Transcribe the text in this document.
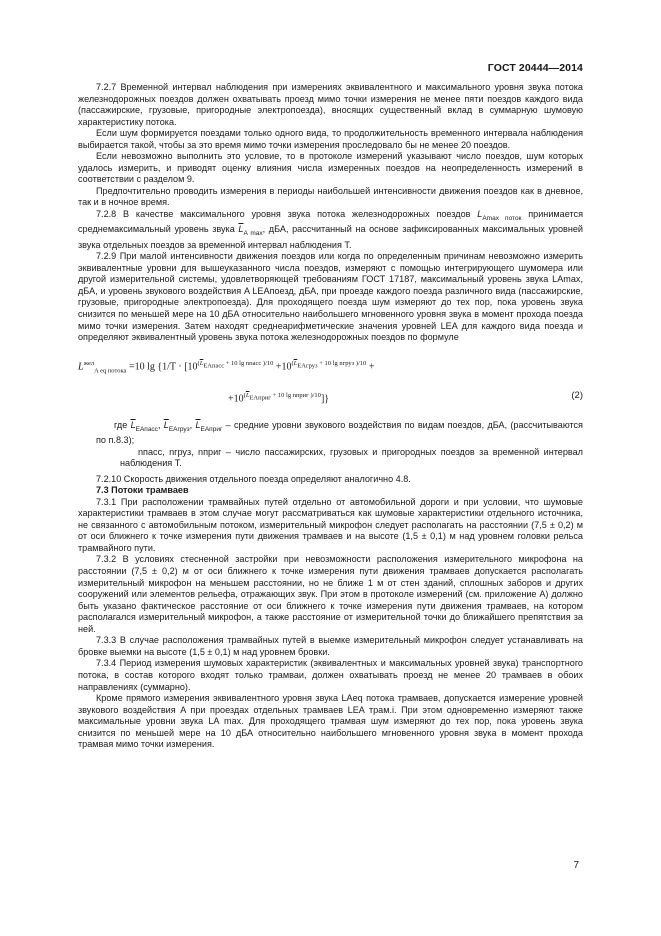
ГОСТ 20444—2014

7.2.7 Временной интервал наблюдения при измерениях эквивалентного и максимального уровня звука потока железнодорожных поездов должен охватывать проезд мимо точки измерения не менее пяти поездов каждого вида (пассажирские, грузовые, пригородные электропоезда), вносящих существенный вклад в суммарную шумовую характеристику потока.

Если шум формируется поездами только одного вида, то продолжительность временного интервала наблюдения выбирается такой, чтобы за это время мимо точки измерения проследовало бы не менее 20 поездов.

Если невозможно выполнить это условие, то в протоколе измерений указывают число поездов, шум которых удалось измерить, и приводят оценку влияния числа измеренных поездов на неопределенность измерений в соответствии с разделом 9.

Предпочтительно проводить измерения в периоды наибольшей интенсивности движения поездов как в дневное, так и в ночное время.

7.2.8 В качестве максимального уровня звука потока железнодорожных поездов $L_{Amax поток}$ принимается среднемаксимальный уровень звука $\overline{L}_{A max}$, дБА, рассчитанный на основе зафиксированных максимальных уровней звука отдельных поездов за временной интервал наблюдения T.

7.2.9 При малой интенсивности движения поездов или когда по определенным причинам невозможно измерить эквивалентные уровни для вышеуказанного числа поездов, измеряют с помощью интегрирующего шумомера или другой измерительной системы, удовлетворяющей требованиям ГОСТ 17187, максимальный уровень звука LAmax, дБА, и уровень звукового воздействия A LEAпоезд, дБА, при проезде каждого поезда различного вида (пассажирские, грузовые, пригородные электропоезда). Для проходящего поезда шум измеряют до тех пор, пока уровень звука снизится по меньшей мере на 10 дБА относительно наибольшего мгновенного уровня звука в момент прохода поезда мимо точки измерения. Затем находят среднеарифметические значения уровней LEA для каждого вида поезда и определяют эквивалентный уровень звука потока железнодорожных поездов по формуле

$L^{жел}_{A eq потока} =10$ $\lg \{1/T \cdot [10^{(\overline{L}_{EAпасс} + 10 lg nпасс )/10} +10^{(\overline{L}_{EAгруз} + 10 lg nгруз )/10}$ +
$+10^{(\overline{L}_{EAприг} + 10 lg nприг )/10}$]}	(2)

где $\overline{L}_{EAпасс}$, $\overline{L}_{EAгруз}$, $\overline{L}_{EAприг}$ – средние уровни звукового воздействия по видам поездов, дБА, (рассчитываются по п.8.3);

nпасс, nгруз, nприг – число пассажирских, грузовых и пригородных поездов за временной интервал наблюдения T.

7.2.10 Скорость движения отдельного поезда определяют аналогично 4.8.

7.3 Потоки трамваев

7.3.1 При расположении трамвайных путей отдельно от автомобильной дороги и при условии, что шумовые характеристики трамваев в этом случае могут рассматриваться как шумовые характеристики отдельного источника, не связанного с автомобильным потоком, измерительный микрофон следует располагать на расстоянии (7,5 ± 0,2) м от оси ближнего к точке измерения пути движения трамваев и на высоте (1,5 ± 0,1) м над уровнем головки рельса трамвайного пути.

7.3.2 В условиях стесненной застройки при невозможности расположения измерительного микрофона на расстоянии (7,5 ± 0,2) м от оси ближнего к точке измерения пути движения трамваев допускается располагать измерительный микрофон на меньшем расстоянии, но не ближе 1 м от стен зданий, сплошных заборов и других сооружений или элементов рельефа, отражающих звук. При этом в протоколе измерений (см. приложение А) должно быть указано фактическое расстояние от оси ближнего к точке измерения пути движения трамваев, на котором располагался измерительный микрофон, а также расстояние от измерительной точки до ближайшего препятствия за ней.

7.3.3 В случае расположения трамвайных путей в выемке измерительный микрофон следует устанавливать на бровке выемки на высоте (1,5 ± 0,1) м над уровнем бровки.

7.3.4 Период измерения шумовых характеристик (эквивалентных и максимальных уровней звука) транспортного потока, в состав которого входят только трамваи, должен охватывать проезд не менее 20 трамваев в обоих направлениях (суммарно).

Кроме прямого измерения эквивалентного уровня звука LAeq потока трамваев, допускается измерение уровней звукового воздействия A при проездах отдельных трамваев LEA трам.i. При этом одновременно измеряют также максимальные уровни звука LA max. Для проходящего трамвая шум измеряют до тех пор, пока уровень звука снизится по меньшей мере на 10 дБА относительно наибольшего мгновенного уровня звука в момент прохода трамвая мимо точки измерения.

7
